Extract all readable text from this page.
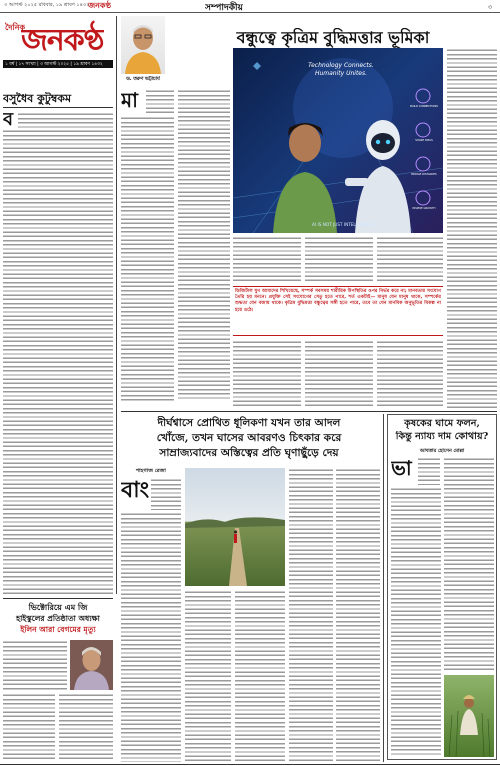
৩ আগস্ট ২০২৫ রবিবার, ১৯ শ্রাবণ ১৪৩২
জনকণ্ঠ	সম্পাদকীয়	৩
দৈনিক
জনকণ্ঠ
১ বর্ষ | ১৭ সংখ্যা | ৩ আগস্ট ২০২৫ | ১৯ শ্রাবণ ১৪৩২
বসুধৈব কুটুম্বকম
ব
ড. তরুণ ভট্টাচার্য
বন্ধুত্বে কৃত্রিম বুদ্ধিমত্তার ভূমিকা
মা
Technology Connects.
Humanity Unites.
BUILD CONNECTIONS
SHARE IDEAS
BRIDGE DISTANCES
INSPIRE GROWTH
AI IS NOT JUST INTELLIGENCE
ডিজিটাল যুগ আমাদের শিখিয়েছে, সম্পর্ক সবসময় শারীরিক উপস্থিতির ওপর নির্ভর করে না; মানবতার সংযোগ তৈরি হয় মননে। প্রযুক্তি সেই সংযোগের সেতু হতে পারে, শর্ত একটাই— মানুষ যেন মানুষ থাকে, সম্পর্কের শুদ্ধতা যেন বজায় থাকে। কৃত্রিম বুদ্ধিমত্তা বন্ধুত্বের সঙ্গী হতে পারে, তবে তা যেন মানবিক অনুভূতির বিকল্প না হয়ে ওঠে।
দীর্ঘশ্বাসে প্রোথিত ধূলিকণা যখন তার আদল
খোঁজে, তখন ঘাসের আবরণও চিৎকার করে
সাম্রাজ্যবাদের অস্তিত্বের প্রতি ঘৃণাছুঁড়ে দেয়
শাহগাজ রেজা
বাং
কৃষকের ঘামে ফলন,
কিন্তু ন্যায্য দাম কোথায়?
আখতার হোসেন মোল্লা
ভা
ভিক্টোরিয়ে এম জি
হাইস্কুলের প্রতিষ্ঠাতা অধ্যক্ষা
ইলিন আরা বেগমের মৃত্যু
